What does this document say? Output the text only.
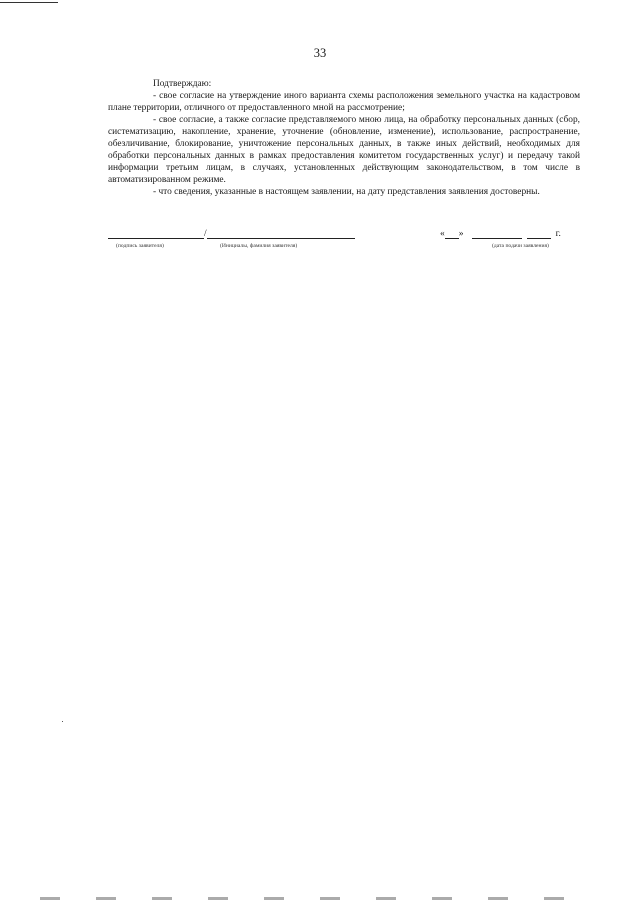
33

Подтверждаю:

- свое согласие на утверждение иного варианта схемы расположения земельного участка на кадастровом плане территории, отличного от предоставленного мной на рассмотрение;

- свое согласие, а также согласие представляемого мною лица, на обработку персональных данных (сбор, систематизацию, накопление, хранение, уточнение (обновление, изменение), использование, распространение, обезличивание, блокирование, уничтожение персональных данных, в также иных действий, необходимых для обработки персональных данных в рамках предоставления комитетом государственных услуг) и передачу такой информации третьим лицам, в случаях, установленных действующим законодательством, в том числе в автоматизированном режиме.

- что сведения, указанные в настоящем заявлении, на дату представления заявления достоверны.

/
(подпись заявителя)	(Инициалы, фамилия заявителя)
« »	г.
(дата подачи заявления)
